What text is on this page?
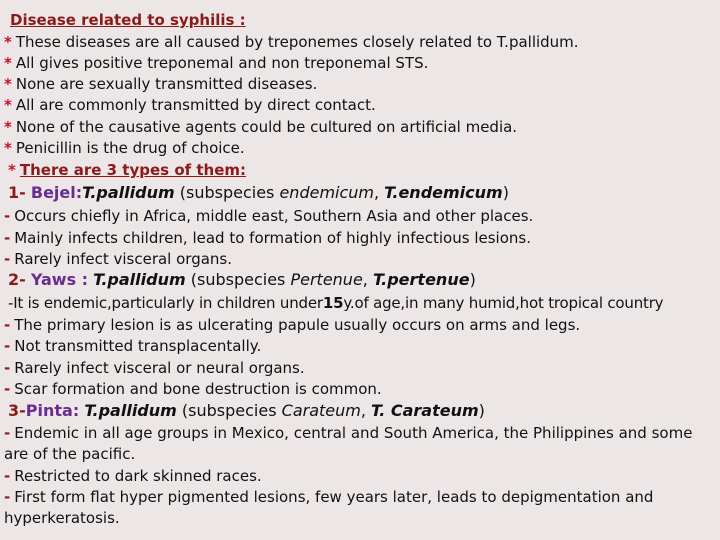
Disease related to syphilis :
* These diseases are all caused by treponemes closely related to T.pallidum.
* All gives positive treponemal and non treponemal STS.
* None are sexually transmitted diseases.
* All are commonly transmitted by direct contact.
* None of the causative agents could be cultured on artificial media.
* Penicillin is the drug of choice.
* There are 3 types of them:
1- Bejel:T.pallidum (subspecies endemicum, T.endemicum)
- Occurs chiefly in Africa, middle east, Southern Asia and other places.
- Mainly infects children, lead to formation of highly infectious lesions.
- Rarely infect visceral organs.
2- Yaws : T.pallidum (subspecies Pertenue, T.pertenue)
-It is endemic,particularly in children under15y.of age,in many humid,hot tropical country
- The primary lesion is as ulcerating papule usually occurs on arms and legs.
- Not transmitted transplacentally.
- Rarely infect visceral or neural organs.
- Scar formation and bone destruction is common.
3-Pinta: T.pallidum (subspecies Carateum, T. Carateum)
- Endemic in all age groups in Mexico, central and South America, the Philippines and some are of the pacific.
- Restricted to dark skinned races.
- First form flat hyper pigmented lesions, few years later, leads to depigmentation and hyperkeratosis.
